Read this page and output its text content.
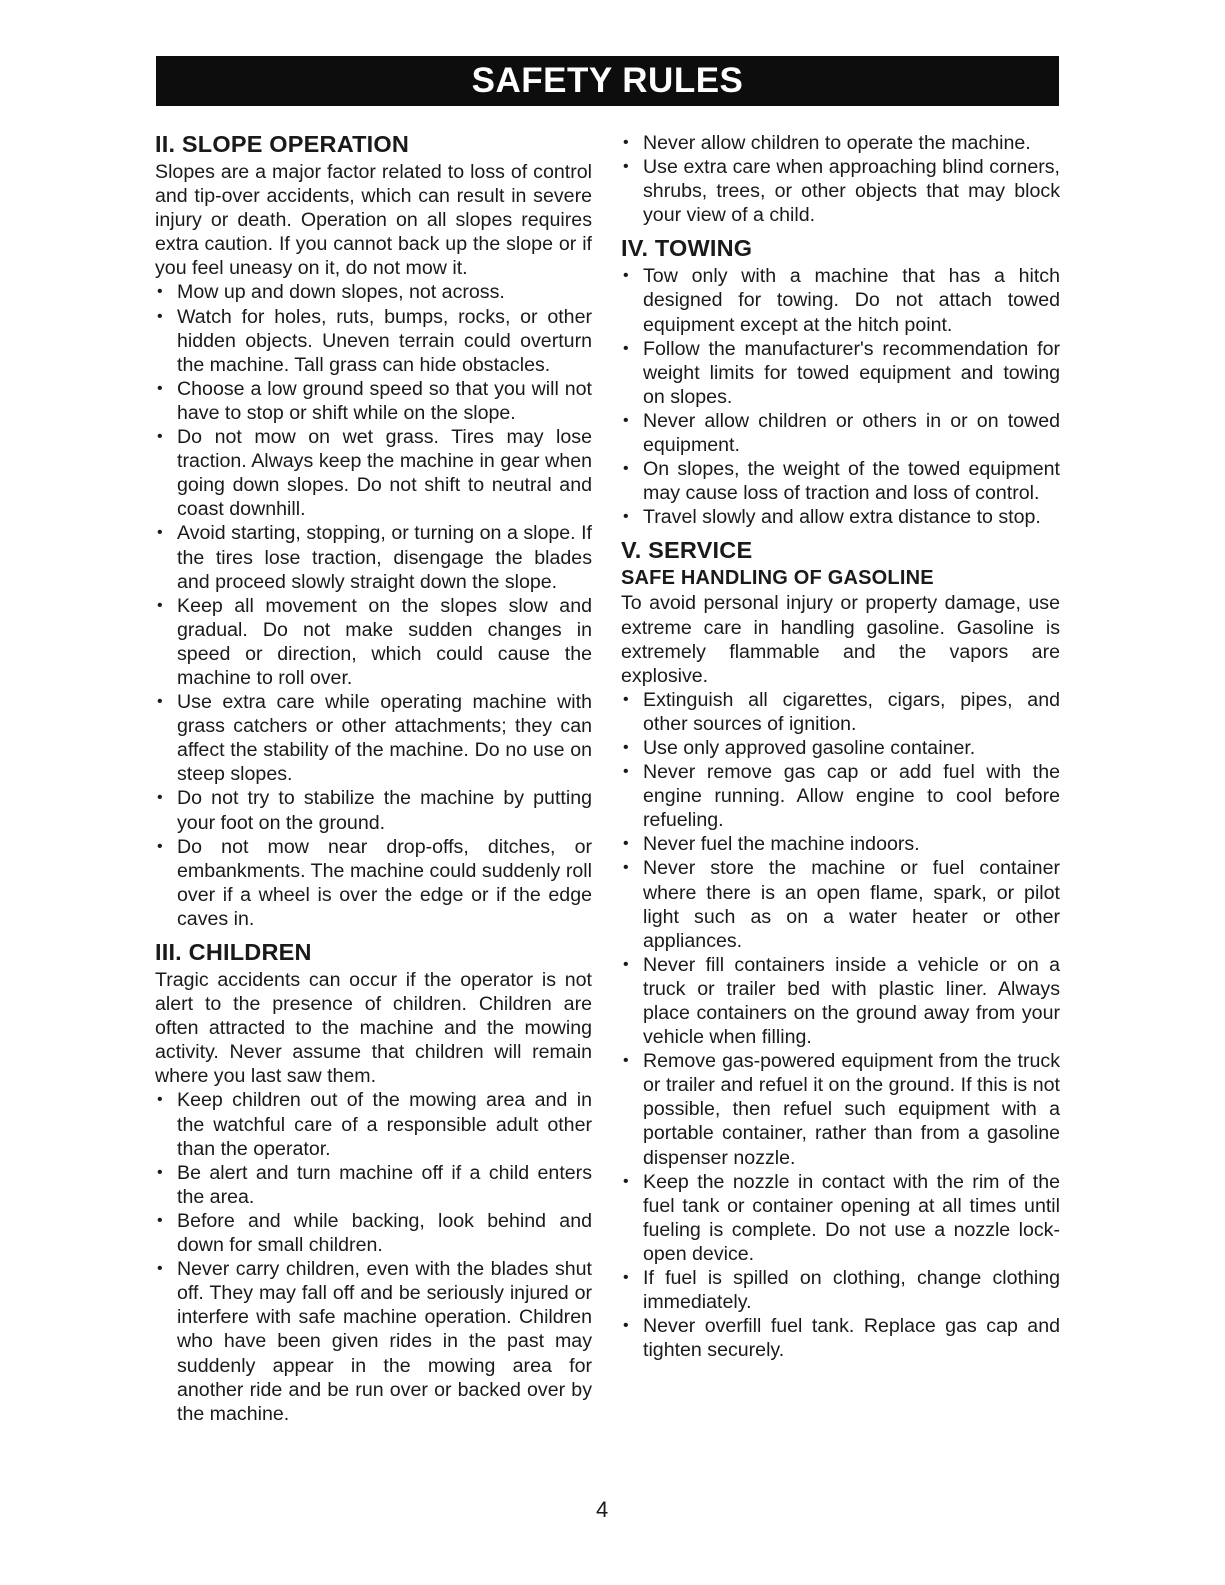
SAFETY RULES
II. SLOPE OPERATION

Slopes are a major factor related to loss of control and tip-over accidents, which can result in severe injury or death. Operation on all slopes requires extra caution. If you cannot back up the slope or if you feel uneasy on it, do not mow it.

• Mow up and down slopes, not across.
• Watch for holes, ruts, bumps, rocks, or other hidden objects. Uneven terrain could overturn the machine. Tall grass can hide obstacles.
• Choose a low ground speed so that you will not have to stop or shift while on the slope.
• Do not mow on wet grass. Tires may lose traction. Always keep the machine in gear when going down slopes. Do not shift to neutral and coast downhill.
• Avoid starting, stopping, or turning on a slope. If the tires lose traction, disengage the blades and proceed slowly straight down the slope.
• Keep all movement on the slopes slow and gradual. Do not make sudden changes in speed or direction, which could cause the machine to roll over.
• Use extra care while operating machine with grass catchers or other attachments; they can affect the stability of the machine. Do no use on steep slopes.
• Do not try to stabilize the machine by putting your foot on the ground.
• Do not mow near drop-offs, ditches, or embankments. The machine could suddenly roll over if a wheel is over the edge or if the edge caves in.
III. CHILDREN

Tragic accidents can occur if the operator is not alert to the presence of children. Children are often attracted to the machine and the mowing activity. Never assume that children will remain where you last saw them.

• Keep children out of the mowing area and in the watchful care of a responsible adult other than the operator.
• Be alert and turn machine off if a child enters the area.
• Before and while backing, look behind and down for small children.
• Never carry children, even with the blades shut off. They may fall off and be seriously injured or interfere with safe machine operation. Children who have been given rides in the past may suddenly appear in the mowing area for another ride and be run over or backed over by the machine.
• Never allow children to operate the machine.
• Use extra care when approaching blind corners, shrubs, trees, or other objects that may block your view of a child.
IV. TOWING
• Tow only with a machine that has a hitch designed for towing. Do not attach towed equipment except at the hitch point.
• Follow the manufacturer's recommendation for weight limits for towed equipment and towing on slopes.
• Never allow children or others in or on towed equipment.
• On slopes, the weight of the towed equipment may cause loss of traction and loss of control.
• Travel slowly and allow extra distance to stop.
V. SERVICE
SAFE HANDLING OF GASOLINE

To avoid personal injury or property damage, use extreme care in handling gasoline. Gasoline is extremely flammable and the vapors are explosive.

• Extinguish all cigarettes, cigars, pipes, and other sources of ignition.
• Use only approved gasoline container.
• Never remove gas cap or add fuel with the engine running. Allow engine to cool before refueling.
• Never fuel the machine indoors.
• Never store the machine or fuel container where there is an open flame, spark, or pilot light such as on a water heater or other appliances.
• Never fill containers inside a vehicle or on a truck or trailer bed with plastic liner. Always place containers on the ground away from your vehicle when filling.
• Remove gas-powered equipment from the truck or trailer and refuel it on the ground. If this is not possible, then refuel such equipment with a portable container, rather than from a gasoline dispenser nozzle.
• Keep the nozzle in contact with the rim of the fuel tank or container opening at all times until fueling is complete. Do not use a nozzle lock-open device.
• If fuel is spilled on clothing, change clothing immediately.
• Never overfill fuel tank. Replace gas cap and tighten securely.
4
